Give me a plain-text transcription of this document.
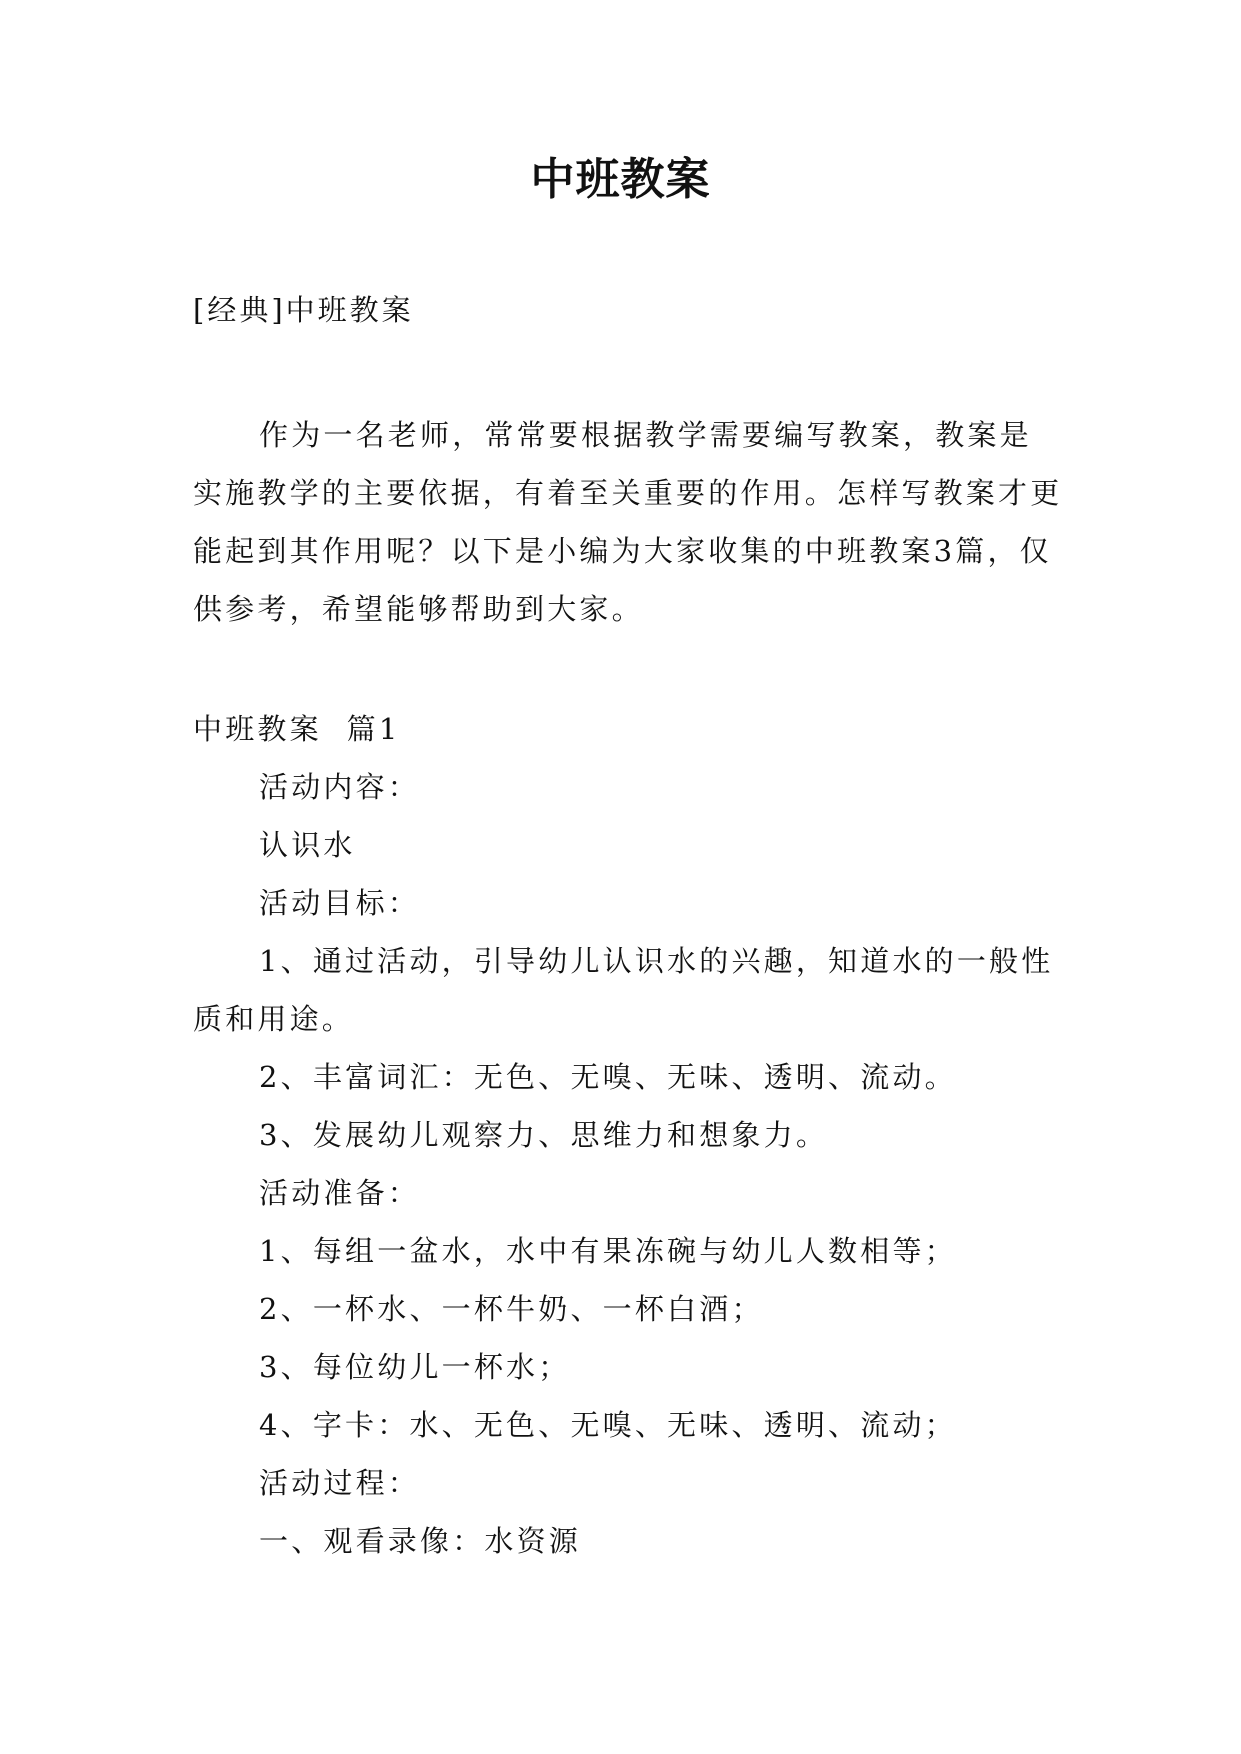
中班教案
[经典]中班教案

作为一名老师，常常要根据教学需要编写教案，教案是实施教学的主要依据，有着至关重要的作用。怎样写教案才更能起到其作用呢？以下是小编为大家收集的中班教案3篇，仅供参考，希望能够帮助到大家。

中班教案  篇1
活动内容：
认识水
活动目标：

1、通过活动，引导幼儿认识水的兴趣，知道水的一般性质和用途。

2、丰富词汇：无色、无嗅、无味、透明、流动。
3、发展幼儿观察力、思维力和想象力。
活动准备：
1、每组一盆水，水中有果冻碗与幼儿人数相等；
2、一杯水、一杯牛奶、一杯白酒；
3、每位幼儿一杯水；
4、字卡：水、无色、无嗅、无味、透明、流动；
活动过程：
一、观看录像：水资源
